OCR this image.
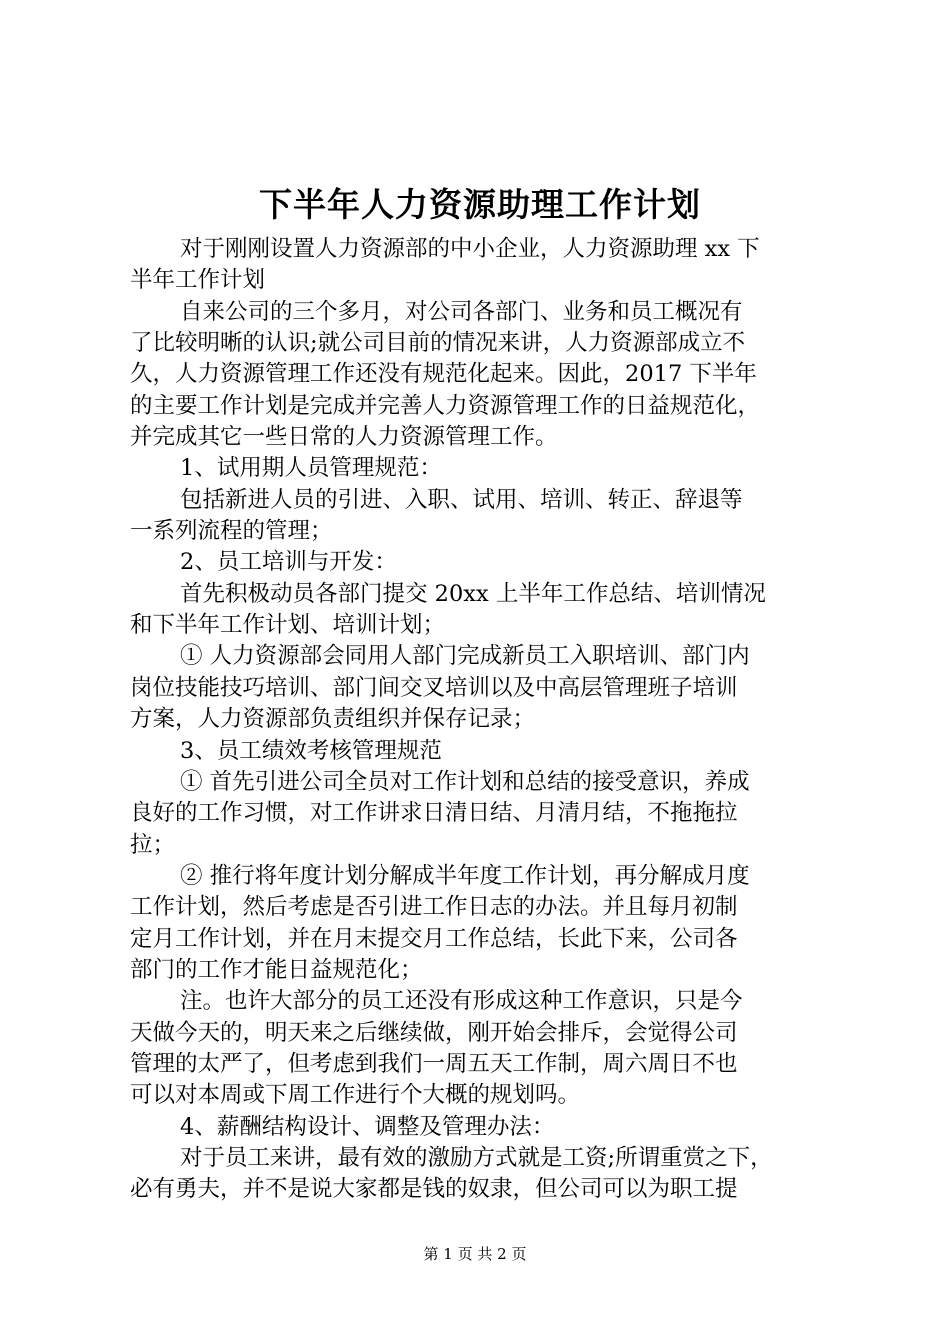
下半年人力资源助理工作计划
对于刚刚设置人力资源部的中小企业，人力资源助理 xx 下
半年工作计划
自来公司的三个多月，对公司各部门、业务和员工概况有
了比较明晰的认识;就公司目前的情况来讲，人力资源部成立不
久，人力资源管理工作还没有规范化起来。因此，2017 下半年
的主要工作计划是完成并完善人力资源管理工作的日益规范化，
并完成其它一些日常的人力资源管理工作。
1、试用期人员管理规范：
包括新进人员的引进、入职、试用、培训、转正、辞退等
一系列流程的管理；
2、员工培训与开发：
首先积极动员各部门提交 20xx 上半年工作总结、培训情况
和下半年工作计划、培训计划；
① 人力资源部会同用人部门完成新员工入职培训、部门内
岗位技能技巧培训、部门间交叉培训以及中高层管理班子培训
方案，人力资源部负责组织并保存记录；
3、员工绩效考核管理规范
① 首先引进公司全员对工作计划和总结的接受意识，养成
良好的工作习惯，对工作讲求日清日结、月清月结，不拖拖拉
拉；
② 推行将年度计划分解成半年度工作计划，再分解成月度
工作计划，然后考虑是否引进工作日志的办法。并且每月初制
定月工作计划，并在月末提交月工作总结，长此下来，公司各
部门的工作才能日益规范化；
注。也许大部分的员工还没有形成这种工作意识，只是今
天做今天的，明天来之后继续做，刚开始会排斥，会觉得公司
管理的太严了，但考虑到我们一周五天工作制，周六周日不也
可以对本周或下周工作进行个大概的规划吗。
4、薪酬结构设计、调整及管理办法：
对于员工来讲，最有效的激励方式就是工资;所谓重赏之下，
必有勇夫，并不是说大家都是钱的奴隶，但公司可以为职工提
第 1 页 共 2 页
